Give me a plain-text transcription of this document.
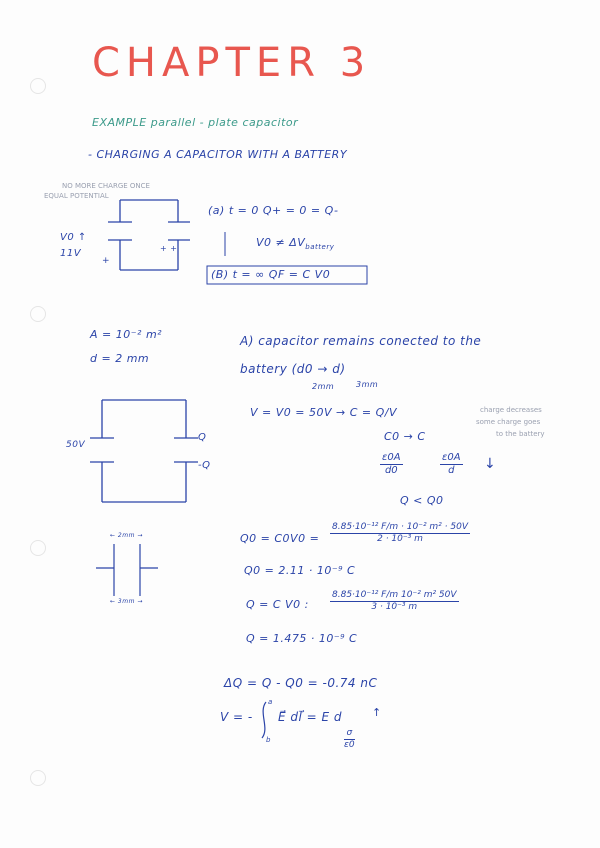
CHAPTER 3
EXAMPLE parallel - plate capacitor
- CHARGING A CAPACITOR WITH A BATTERY
NO MORE CHARGE ONCE
EQUAL POTENTIAL
V0 ↑
11V
+
+ +
(a) t = 0 Q+ = 0 = Q-
$V0 \ne \Delta V_{battery}$
(B) t = ∞ QF = C V0
A = 10⁻² m²
d = 2 mm
A) capacitor remains conected to the
battery (d0 → d)
2mm	3mm
50V
Q
-Q
V = V0 = 50V → C = Q/V
C0 → C
$\frac{\varepsilon 0A}{d0}$	$\frac{\varepsilon 0A}{d}$ ↓
Q < Q0
charge decreases
some charge goes
to the battery
← 2mm →
← 3mm →
$Q0 = C0V0 = \frac{\text{8.85·10⁻¹² F/m · 10⁻² m² · 50V}}{\text{2 · 10⁻³ m}}$
Q0 = 2.11 · 10⁻⁹ C
Q = C V0 : $\frac{\text{8.85·10⁻¹² F/m 10⁻² m² 50V}}{\text{3 · 10⁻³ m}}$
Q = 1.475 · 10⁻⁹ C
ΔQ = Q - Q0 = -0.74 nC
V = -
a
b
E⃗ dl⃗ = E d	↑
$\frac{\sigma}{\varepsilon 0}$
